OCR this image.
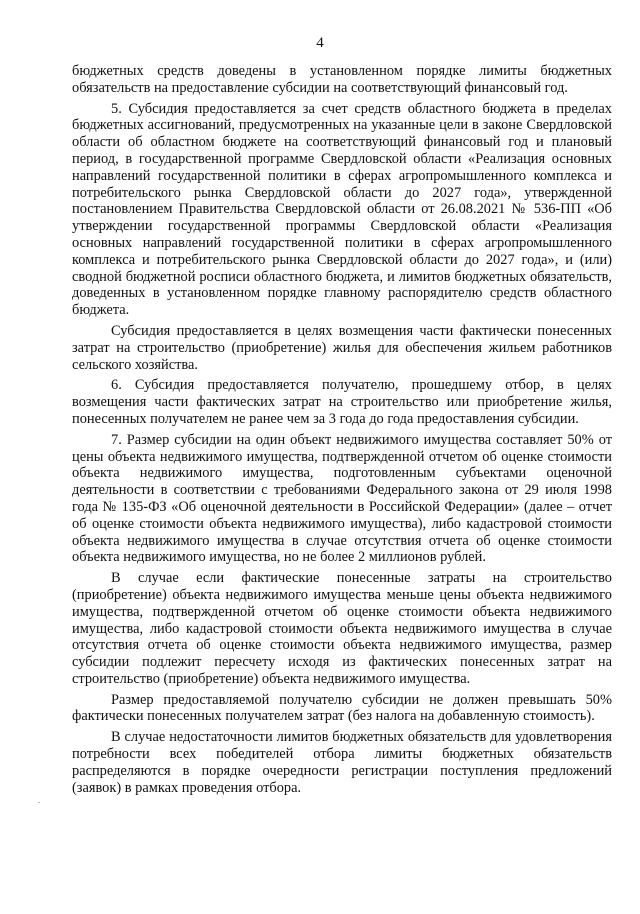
4

бюджетных средств доведены в установленном порядке лимиты бюджетных обязательств на предоставление субсидии на соответствующий финансовый год.

5. Субсидия предоставляется за счет средств областного бюджета в пределах бюджетных ассигнований, предусмотренных на указанные цели в законе Свердловской области об областном бюджете на соответствующий финансовый год и плановый период, в государственной программе Свердловской области «Реализация основных направлений государственной политики в сферах агропромышленного комплекса и потребительского рынка Свердловской области до 2027 года», утвержденной постановлением Правительства Свердловской области от 26.08.2021 № 536-ПП «Об утверждении государственной программы Свердловской области «Реализация основных направлений государственной политики в сферах агропромышленного комплекса и потребительского рынка Свердловской области до 2027 года», и (или) сводной бюджетной росписи областного бюджета, и лимитов бюджетных обязательств, доведенных в установленном порядке главному распорядителю средств областного бюджета.

Субсидия предоставляется в целях возмещения части фактически понесенных затрат на строительство (приобретение) жилья для обеспечения жильем работников сельского хозяйства.

6. Субсидия предоставляется получателю, прошедшему отбор, в целях возмещения части фактических затрат на строительство или приобретение жилья, понесенных получателем не ранее чем за 3 года до года предоставления субсидии.

7. Размер субсидии на один объект недвижимого имущества составляет 50% от цены объекта недвижимого имущества, подтвержденной отчетом об оценке стоимости объекта недвижимого имущества, подготовленным субъектами оценочной деятельности в соответствии с требованиями Федерального закона от 29 июля 1998 года № 135-ФЗ «Об оценочной деятельности в Российской Федерации» (далее – отчет об оценке стоимости объекта недвижимого имущества), либо кадастровой стоимости объекта недвижимого имущества в случае отсутствия отчета об оценке стоимости объекта недвижимого имущества, но не более 2 миллионов рублей.

В случае если фактические понесенные затраты на строительство (приобретение) объекта недвижимого имущества меньше цены объекта недвижимого имущества, подтвержденной отчетом об оценке стоимости объекта недвижимого имущества, либо кадастровой стоимости объекта недвижимого имущества в случае отсутствия отчета об оценке стоимости объекта недвижимого имущества, размер субсидии подлежит пересчету исходя из фактических понесенных затрат на строительство (приобретение) объекта недвижимого имущества.

Размер предоставляемой получателю субсидии не должен превышать 50% фактически понесенных получателем затрат (без налога на добавленную стоимость).

В случае недостаточности лимитов бюджетных обязательств для удовлетворения потребности всех победителей отбора лимиты бюджетных обязательств распределяются в порядке очередности регистрации поступления предложений (заявок) в рамках проведения отбора.
